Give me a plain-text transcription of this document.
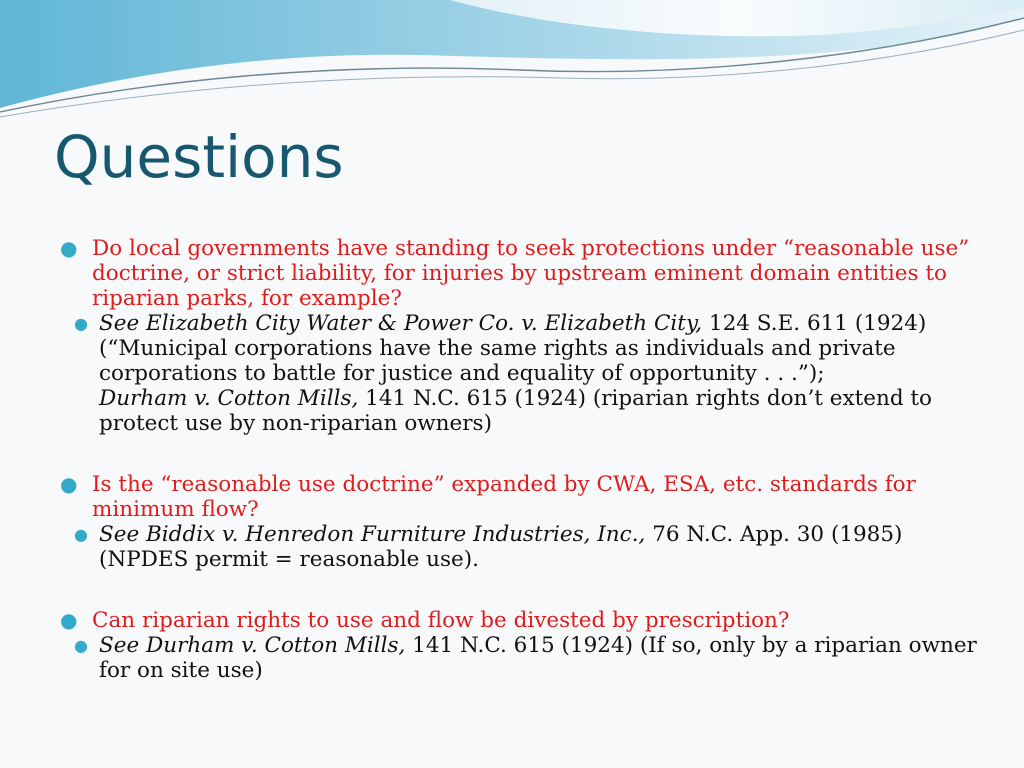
Questions
● Do local governments have standing to seek protections under “reasonable use” doctrine, or strict liability, for injuries by upstream eminent domain entities to riparian parks, for example?
● See Elizabeth City Water & Power Co. v. Elizabeth City, 124 S.E. 611 (1924) (“Municipal corporations have the same rights as individuals and private corporations to battle for justice and equality of opportunity . . .”);
Durham v. Cotton Mills, 141 N.C. 615 (1924) (riparian rights don’t extend to protect use by non-riparian owners)
● Is the “reasonable use doctrine” expanded by CWA, ESA, etc. standards for minimum flow?
● See Biddix v. Henredon Furniture Industries, Inc., 76 N.C. App. 30 (1985) (NPDES permit = reasonable use).
● Can riparian rights to use and flow be divested by prescription?
● See Durham v. Cotton Mills, 141 N.C. 615 (1924) (If so, only by a riparian owner for on site use)
